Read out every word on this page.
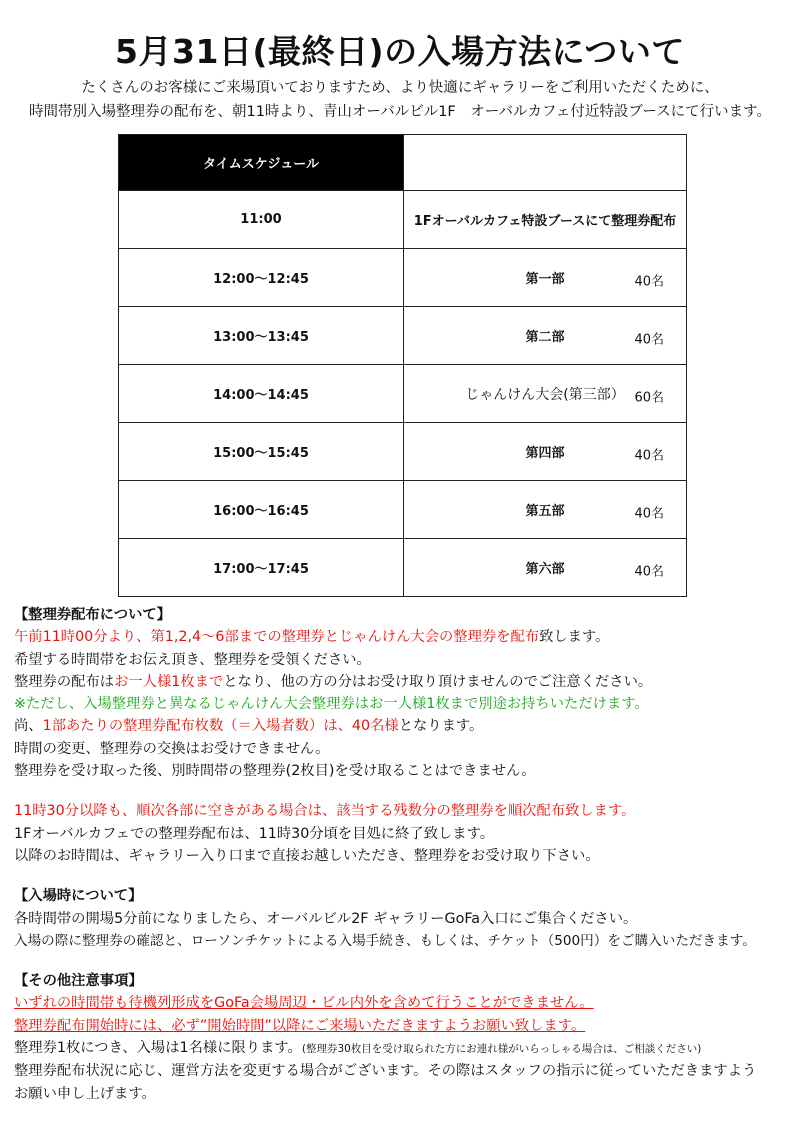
5月31日(最終日)の入場方法について
たくさんのお客様にご来場頂いておりますため、より快適にギャラリーをご利用いただくために、
時間帯別入場整理券の配布を、朝11時より、青山オーバルビル1F　オーバルカフェ付近特設ブースにて行います。
タイムスケジュール	
11:00	1Fオーバルカフェ特設ブースにて整理券配布
12:00～12:45	第一部 40名

13:00～13:45	第二部 40名

14:00～14:45	じゃんけん大会(第三部） 60名

15:00～15:45	第四部 40名

16:00～16:45	第五部 40名

17:00～17:45	第六部 40名
【整理券配布について】
午前11時00分より、第1,2,4～6部までの整理券とじゃんけん大会の整理券を配布致します。
希望する時間帯をお伝え頂き、整理券を受領ください。
整理券の配布はお一人様1枚までとなり、他の方の分はお受け取り頂けませんのでご注意ください。
※ただし、入場整理券と異なるじゃんけん大会整理券はお一人様1枚まで別途お持ちいただけます。
尚、1部あたりの整理券配布枚数（＝入場者数）は、40名様となります。
時間の変更、整理券の交換はお受けできません。
整理券を受け取った後、別時間帯の整理券(2枚目)を受け取ることはできません。
11時30分以降も、順次各部に空きがある場合は、該当する残数分の整理券を順次配布致します。
1Fオーバルカフェでの整理券配布は、11時30分頃を目処に終了致します。
以降のお時間は、ギャラリー入り口まで直接お越しいただき、整理券をお受け取り下さい。
【入場時について】
各時間帯の開場5分前になりましたら、オーバルビル2F ギャラリーGoFa入口にご集合ください。
入場の際に整理券の確認と、ローソンチケットによる入場手続き、もしくは、チケット（500円）をご購入いただきます。
【その他注意事項】
いずれの時間帯も待機列形成をGoFa会場周辺・ビル内外を含めて行うことができません。
整理券配布開始時には、必ず”開始時間”以降にご来場いただきますようお願い致します。
整理券1枚につき、入場は1名様に限ります。(整理券30枚目を受け取られた方にお連れ様がいらっしゃる場合は、ご相談ください)
整理券配布状況に応じ、運営方法を変更する場合がございます。その際はスタッフの指示に従っていただきますよう
お願い申し上げます。
